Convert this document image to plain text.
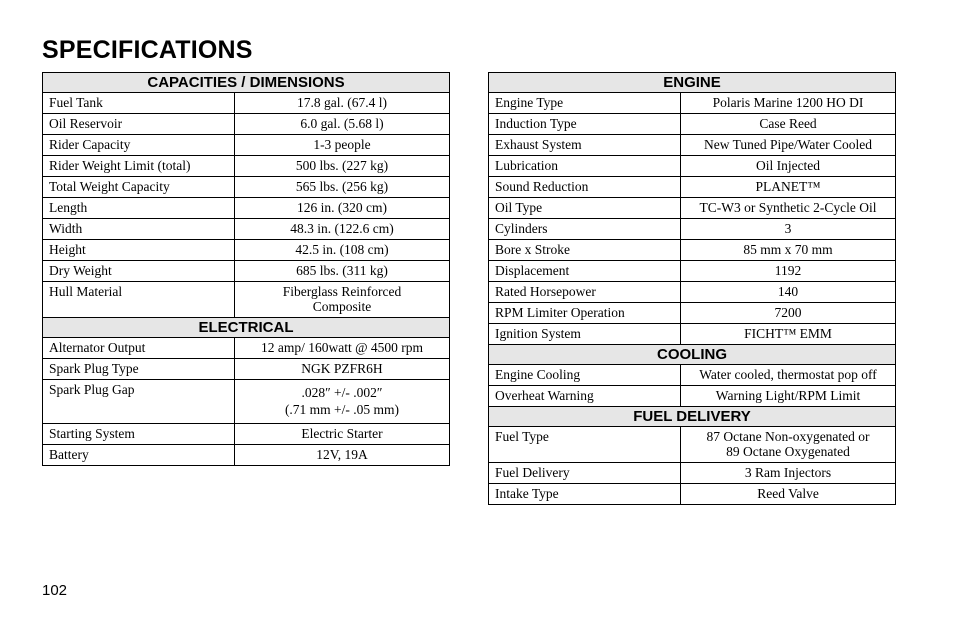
SPECIFICATIONS
CAPACITIES / DIMENSIONS	
Fuel Tank	17.8 gal. (67.4 l)
Oil Reservoir	6.0 gal. (5.68 l)
Rider Capacity	1-3 people
Rider Weight Limit (total)	500 lbs. (227 kg)
Total Weight Capacity	565 lbs. (256 kg)
Length	126 in. (320 cm)
Width	48.3 in. (122.6 cm)
Height	42.5 in. (108 cm)
Dry Weight	685 lbs. (311 kg)
Hull Material	Fiberglass Reinforced
Composite

ELECTRICAL	
Alternator Output	12 amp/ 160watt @ 4500 rpm
Spark Plug Type	NGK PZFR6H
Spark Plug Gap	.028″ +/- .002″
(.71 mm +/- .05 mm)

Starting System	Electric Starter
Battery	12V, 19A
ENGINE	
Engine Type	Polaris Marine 1200 HO DI
Induction Type	Case Reed
Exhaust System	New Tuned Pipe/Water Cooled
Lubrication	Oil Injected
Sound Reduction	PLANET™
Oil Type	TC-W3 or Synthetic 2-Cycle Oil
Cylinders	3
Bore x Stroke	85 mm x 70 mm
Displacement	1192
Rated Horsepower	140
RPM Limiter Operation	7200
Ignition System	FICHT™ EMM
COOLING	
Engine Cooling	Water cooled, thermostat pop off
Overheat Warning	Warning Light/RPM Limit
FUEL DELIVERY	
Fuel Type	87 Octane Non-oxygenated or
89 Octane Oxygenated

Fuel Delivery	3 Ram Injectors
Intake Type	Reed Valve
102
